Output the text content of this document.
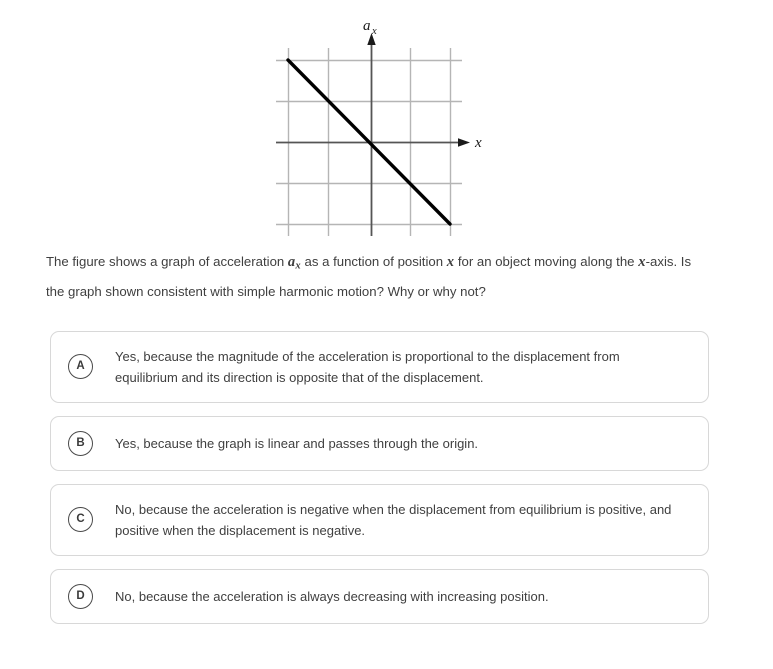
a x
x

The figure shows a graph of acceleration $a_x$ as a function of position x for an object moving along the x-axis. Is the graph shown consistent with simple harmonic motion? Why or why not?

A
Yes, because the magnitude of the acceleration is proportional to the displacement from equilibrium and its direction is opposite that of the displacement.
B	Yes, because the graph is linear and passes through the origin.
C
No, because the acceleration is negative when the displacement from equilibrium is positive, and positive when the displacement is negative.
D	No, because the acceleration is always decreasing with increasing position.
